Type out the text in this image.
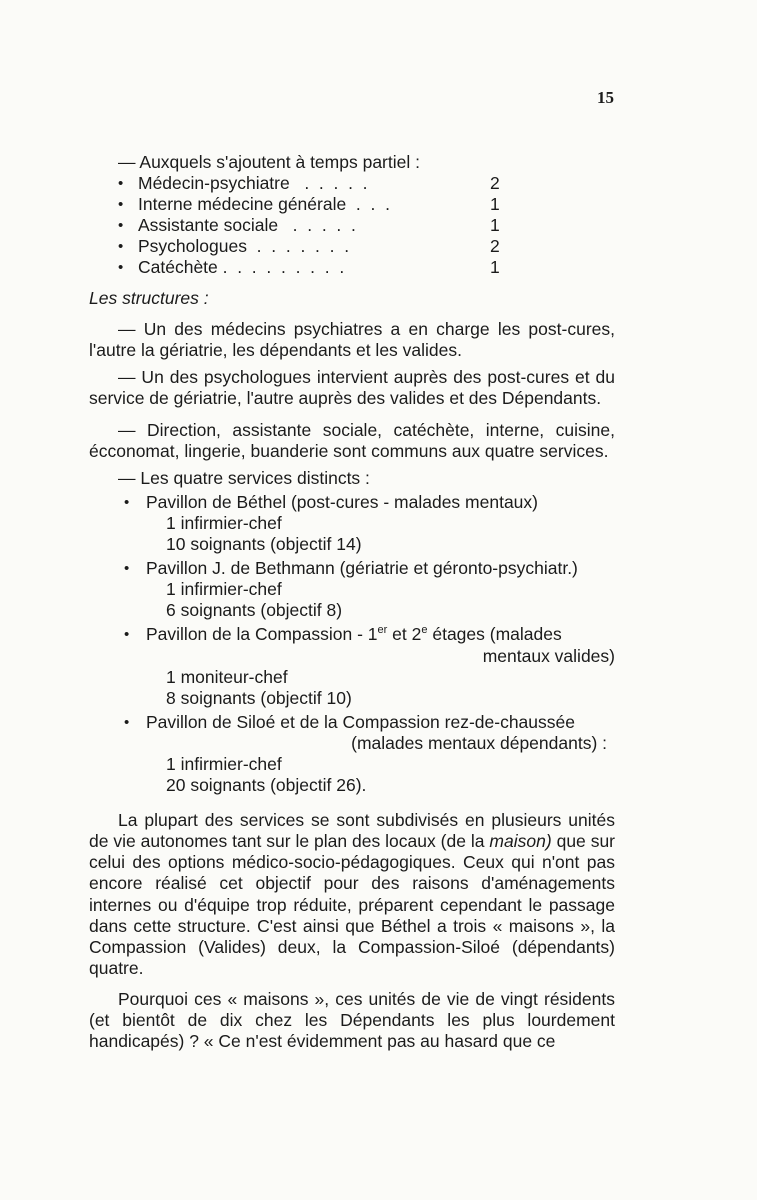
15

— Auxquels s'ajoutent à temps partiel :

• Médecin-psychiatre   .  .  .  .  .	2
• Interne médecine générale  .  .  .	1
• Assistante sociale   .  .  .  .  .	1
• Psychologues  .  .  .  .  .  .  .	2
• Catéchète .  .  .  .  .  .  .  .  .	1

Les structures :

— Un des médecins psychiatres a en charge les post-cures, l'autre la gériatrie, les dépendants et les valides.

— Un des psychologues intervient auprès des post-cures et du service de gériatrie, l'autre auprès des valides et des Dépendants.

— Direction, assistante sociale, catéchète, interne, cuisine, écconomat, lingerie, buanderie sont communs aux quatre services.

— Les quatre services distincts :

• Pavillon de Béthel (post-cures - malades mentaux)
1 infirmier-chef
10 soignants (objectif 14)
• Pavillon J. de Bethmann (gériatrie et géronto-psychiatr.)
1 infirmier-chef
6 soignants (objectif 8)
• Pavillon de la Compassion - 1er et 2e étages (malades
mentaux valides)
1 moniteur-chef
8 soignants (objectif 10)
• Pavillon de Siloé et de la Compassion rez-de-chaussée
(malades mentaux dépendants) :
1 infirmier-chef
20 soignants (objectif 26).

La plupart des services se sont subdivisés en plusieurs unités de vie autonomes tant sur le plan des locaux (de la maison) que sur celui des options médico-socio-pédagogiques. Ceux qui n'ont pas encore réalisé cet objectif pour des raisons d'aménagements internes ou d'équipe trop réduite, préparent cependant le passage dans cette structure. C'est ainsi que Béthel a trois « maisons », la Compassion (Valides) deux, la Compassion-Siloé (dépendants) quatre.

Pourquoi ces « maisons », ces unités de vie de vingt résidents (et bientôt de dix chez les Dépendants les plus lourdement handicapés) ? « Ce n'est évidemment pas au hasard que ce
